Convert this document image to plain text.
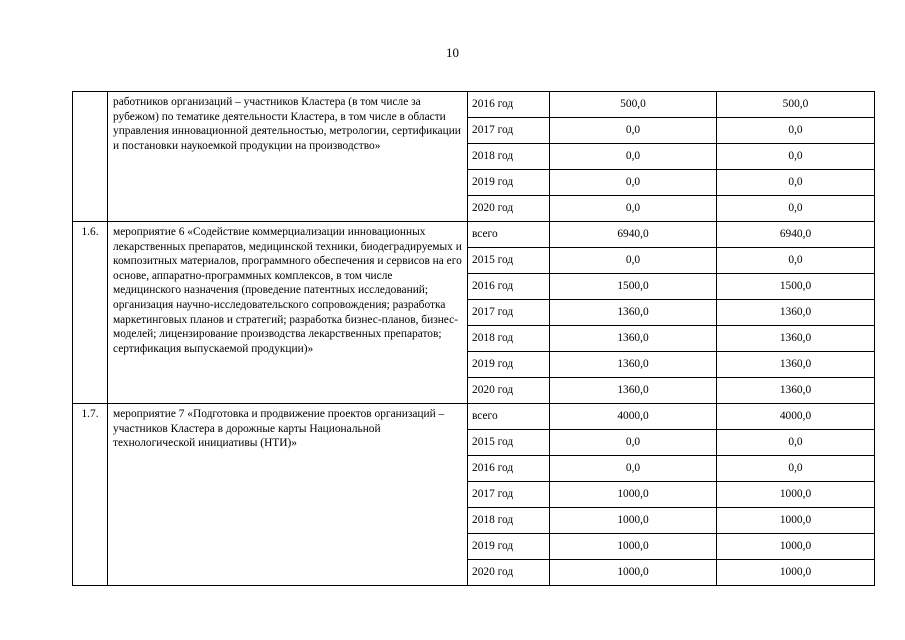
10
	работников организаций – участников Кластера (в том числе за рубежом) по тематике деятельности Кластера, в том числе в области управления инновационной деятельностью, метрологии, сертификации и постановки наукоемкой продукции на производство»	2016 год	500,0	500,0
		2017 год	0,0	0,0
		2018 год	0,0	0,0
		2019 год	0,0	0,0
		2020 год	0,0	0,0
1.6.	мероприятие 6 «Содействие коммерциализации инновационных лекарственных препаратов, медицинской техники, биодеградируемых и композитных материалов, программного обеспечения и сервисов на его основе, аппаратно-программных комплексов, в том числе медицинского назначения (проведение патентных исследований; организация научно-исследовательского сопровождения; разработка маркетинговых планов и стратегий; разработка бизнес-планов, бизнес-моделей; лицензирование производства лекарственных препаратов; сертификация выпускаемой продукции)»	всего	6940,0	6940,0
		2015 год	0,0	0,0
		2016 год	1500,0	1500,0
		2017 год	1360,0	1360,0
		2018 год	1360,0	1360,0
		2019 год	1360,0	1360,0
		2020 год	1360,0	1360,0
1.7.	мероприятие 7 «Подготовка и продвижение проектов организаций – участников Кластера в дорожные карты Национальной технологической инициативы (НТИ)»	всего	4000,0	4000,0
		2015 год	0,0	0,0
		2016 год	0,0	0,0
		2017 год	1000,0	1000,0
		2018 год	1000,0	1000,0
		2019 год	1000,0	1000,0
		2020 год	1000,0	1000,0
